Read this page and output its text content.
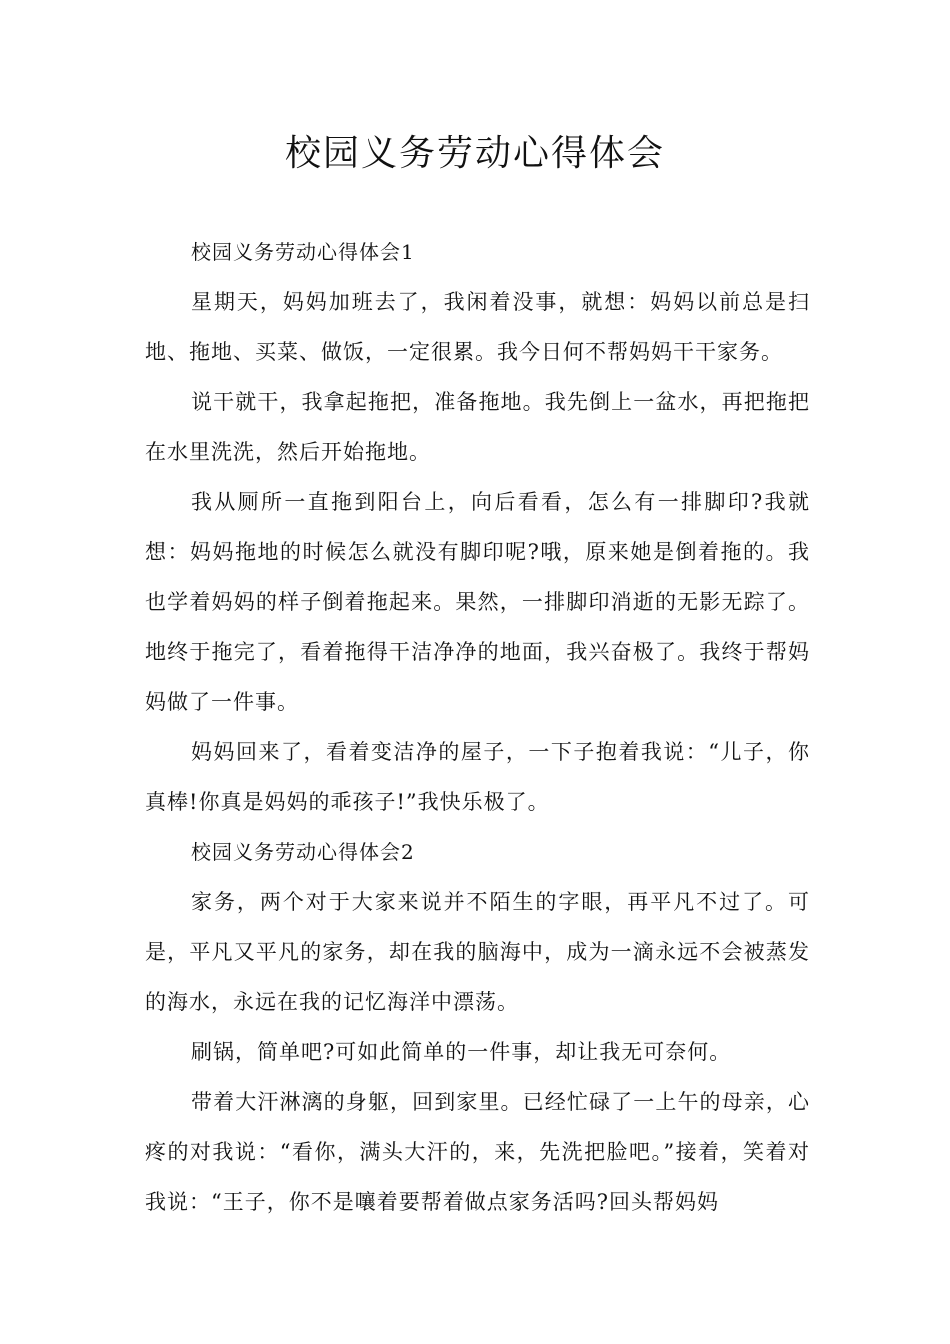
校园义务劳动心得体会

校园义务劳动心得体会1

星期天，妈妈加班去了，我闲着没事，就想：妈妈以前总是扫地、拖地、买菜、做饭，一定很累。我今日何不帮妈妈干干家务。

说干就干，我拿起拖把，准备拖地。我先倒上一盆水，再把拖把在水里洗洗，然后开始拖地。

我从厕所一直拖到阳台上，向后看看，怎么有一排脚印?我就想：妈妈拖地的时候怎么就没有脚印呢?哦，原来她是倒着拖的。我也学着妈妈的样子倒着拖起来。果然，一排脚印消逝的无影无踪了。地终于拖完了，看着拖得干洁净净的地面，我兴奋极了。我终于帮妈妈做了一件事。

妈妈回来了，看着变洁净的屋子，一下子抱着我说：“儿子，你真棒!你真是妈妈的乖孩子!”我快乐极了。

校园义务劳动心得体会2

家务，两个对于大家来说并不陌生的字眼，再平凡不过了。可是，平凡又平凡的家务，却在我的脑海中，成为一滴永远不会被蒸发的海水，永远在我的记忆海洋中漂荡。

刷锅，简单吧?可如此简单的一件事，却让我无可奈何。

带着大汗淋漓的身躯，回到家里。已经忙碌了一上午的母亲，心疼的对我说：“看你，满头大汗的，来，先洗把脸吧。”接着，笑着对我说：“王子，你不是嚷着要帮着做点家务活吗?回头帮妈妈
